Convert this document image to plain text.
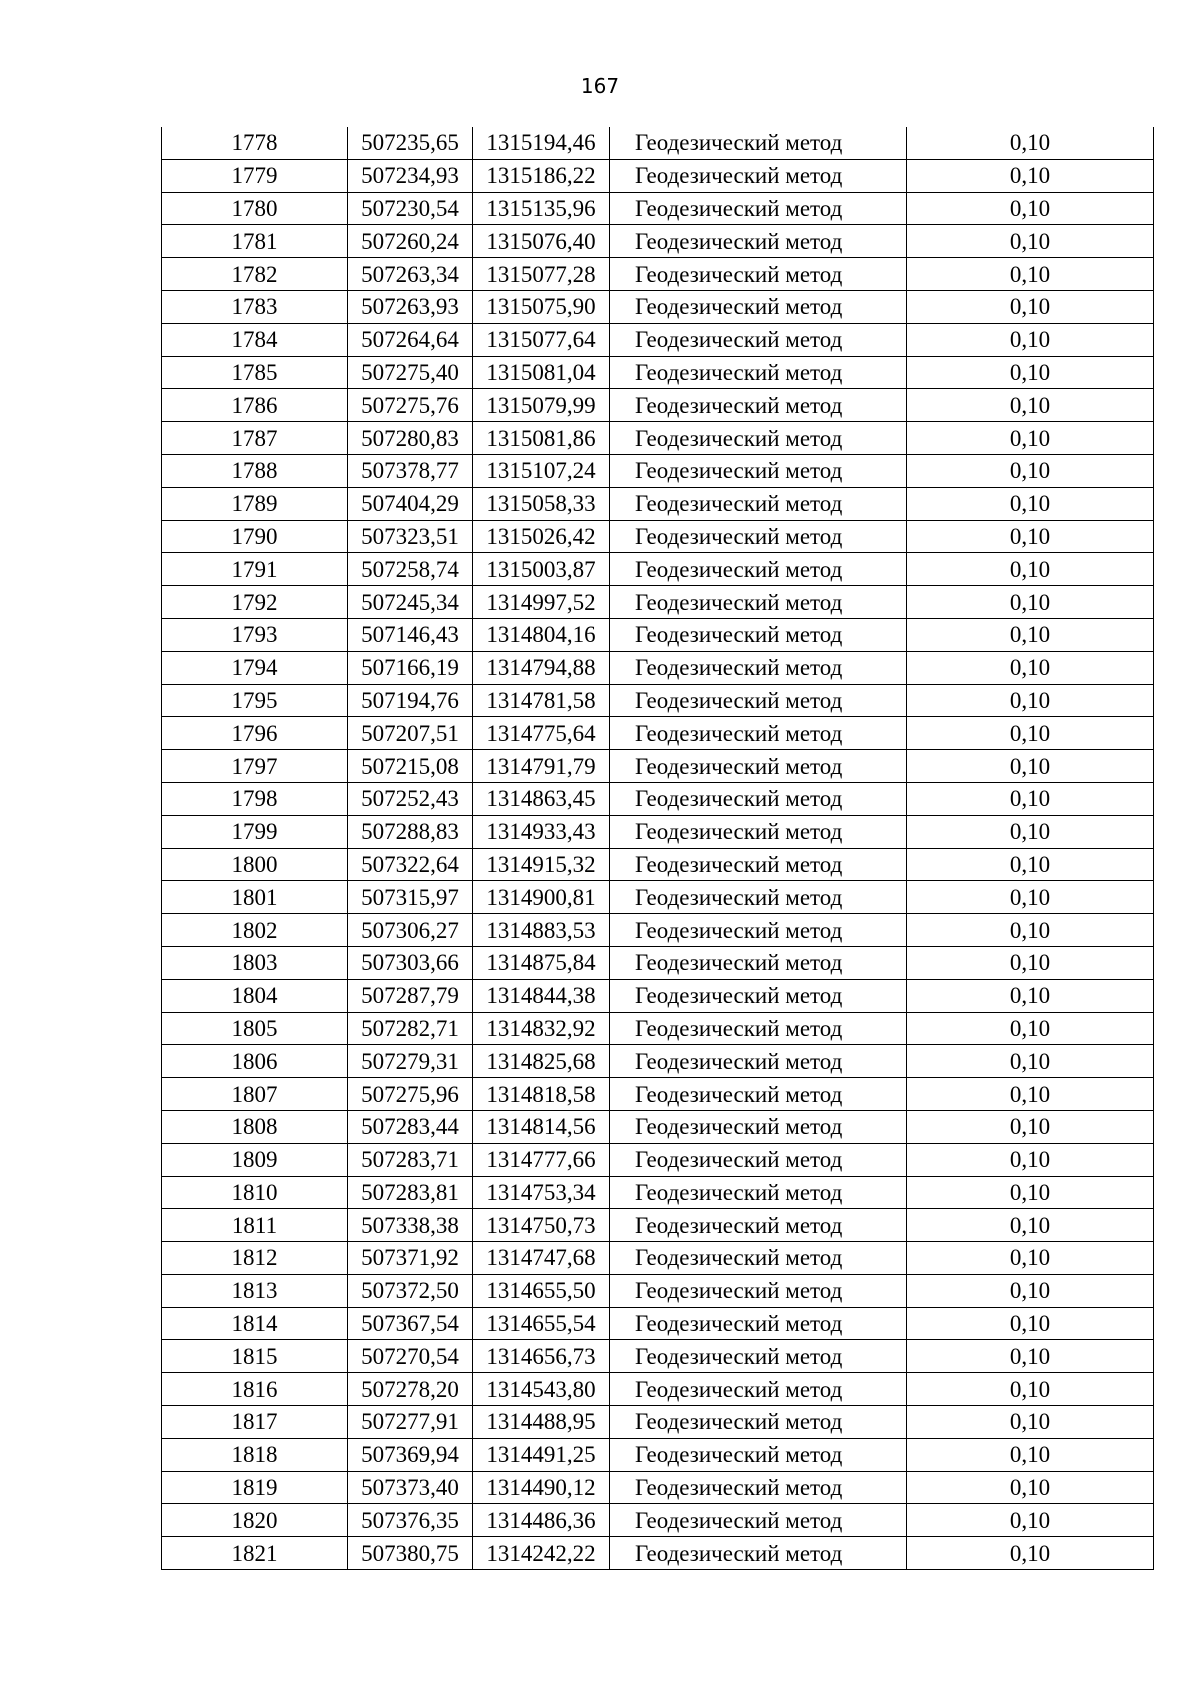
167
1778	507235,65	1315194,46	Геодезический метод	0,10
1779	507234,93	1315186,22	Геодезический метод	0,10
1780	507230,54	1315135,96	Геодезический метод	0,10
1781	507260,24	1315076,40	Геодезический метод	0,10
1782	507263,34	1315077,28	Геодезический метод	0,10
1783	507263,93	1315075,90	Геодезический метод	0,10
1784	507264,64	1315077,64	Геодезический метод	0,10
1785	507275,40	1315081,04	Геодезический метод	0,10
1786	507275,76	1315079,99	Геодезический метод	0,10
1787	507280,83	1315081,86	Геодезический метод	0,10
1788	507378,77	1315107,24	Геодезический метод	0,10
1789	507404,29	1315058,33	Геодезический метод	0,10
1790	507323,51	1315026,42	Геодезический метод	0,10
1791	507258,74	1315003,87	Геодезический метод	0,10
1792	507245,34	1314997,52	Геодезический метод	0,10
1793	507146,43	1314804,16	Геодезический метод	0,10
1794	507166,19	1314794,88	Геодезический метод	0,10
1795	507194,76	1314781,58	Геодезический метод	0,10
1796	507207,51	1314775,64	Геодезический метод	0,10
1797	507215,08	1314791,79	Геодезический метод	0,10
1798	507252,43	1314863,45	Геодезический метод	0,10
1799	507288,83	1314933,43	Геодезический метод	0,10
1800	507322,64	1314915,32	Геодезический метод	0,10
1801	507315,97	1314900,81	Геодезический метод	0,10
1802	507306,27	1314883,53	Геодезический метод	0,10
1803	507303,66	1314875,84	Геодезический метод	0,10
1804	507287,79	1314844,38	Геодезический метод	0,10
1805	507282,71	1314832,92	Геодезический метод	0,10
1806	507279,31	1314825,68	Геодезический метод	0,10
1807	507275,96	1314818,58	Геодезический метод	0,10
1808	507283,44	1314814,56	Геодезический метод	0,10
1809	507283,71	1314777,66	Геодезический метод	0,10
1810	507283,81	1314753,34	Геодезический метод	0,10
1811	507338,38	1314750,73	Геодезический метод	0,10
1812	507371,92	1314747,68	Геодезический метод	0,10
1813	507372,50	1314655,50	Геодезический метод	0,10
1814	507367,54	1314655,54	Геодезический метод	0,10
1815	507270,54	1314656,73	Геодезический метод	0,10
1816	507278,20	1314543,80	Геодезический метод	0,10
1817	507277,91	1314488,95	Геодезический метод	0,10
1818	507369,94	1314491,25	Геодезический метод	0,10
1819	507373,40	1314490,12	Геодезический метод	0,10
1820	507376,35	1314486,36	Геодезический метод	0,10
1821	507380,75	1314242,22	Геодезический метод	0,10
